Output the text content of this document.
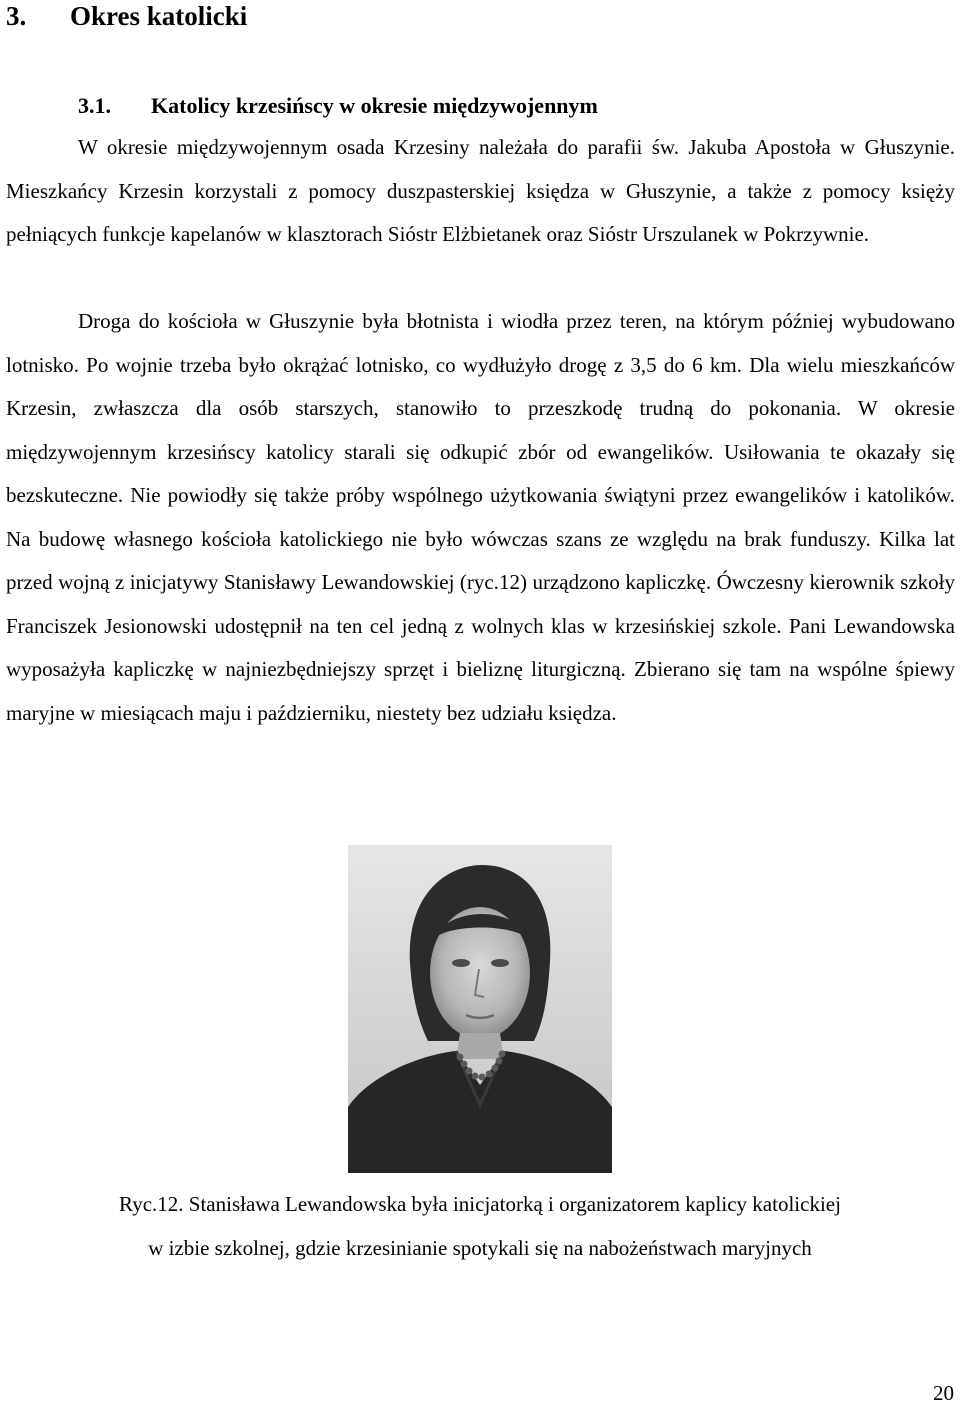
3. Okres katolicki
3.1. Katolicy krzesińscy w okresie międzywojennym

W okresie międzywojennym osada Krzesiny należała do parafii św. Jakuba Apostoła w Głuszynie. Mieszkańcy Krzesin korzystali z pomocy duszpasterskiej księdza w Głuszynie, a także z pomocy księży pełniących funkcje kapelanów w klasztorach Sióstr Elżbietanek oraz Sióstr Urszulanek w Pokrzywnie.

Droga do kościoła w Głuszynie była błotnista i wiodła przez teren, na którym później wybudowano lotnisko. Po wojnie trzeba było okrążać lotnisko, co wydłużyło drogę z 3,5 do 6 km. Dla wielu mieszkańców Krzesin, zwłaszcza dla osób starszych, stanowiło to przeszkodę trudną do pokonania. W okresie międzywojennym krzesińscy katolicy starali się odkupić zbór od ewangelików. Usiłowania te okazały się bezskuteczne. Nie powiodły się także próby wspólnego użytkowania świątyni przez ewangelików i katolików. Na budowę własnego kościoła katolickiego nie było wówczas szans ze względu na brak funduszy. Kilka lat przed wojną z inicjatywy Stanisławy Lewandowskiej (ryc.12) urządzono kapliczkę. Ówczesny kierownik szkoły Franciszek Jesionowski udostępnił na ten cel jedną z wolnych klas w krzesińskiej szkole. Pani Lewandowska wyposażyła kapliczkę w najniezbędniejszy sprzęt i bieliznę liturgiczną. Zbierano się tam na wspólne śpiewy maryjne w miesiącach maju i październiku, niestety bez udziału księdza.

Ryc.12. Stanisława Lewandowska była inicjatorką i organizatorem kaplicy katolickiej

w izbie szkolnej, gdzie krzesinianie spotykali się na nabożeństwach maryjnych

20
